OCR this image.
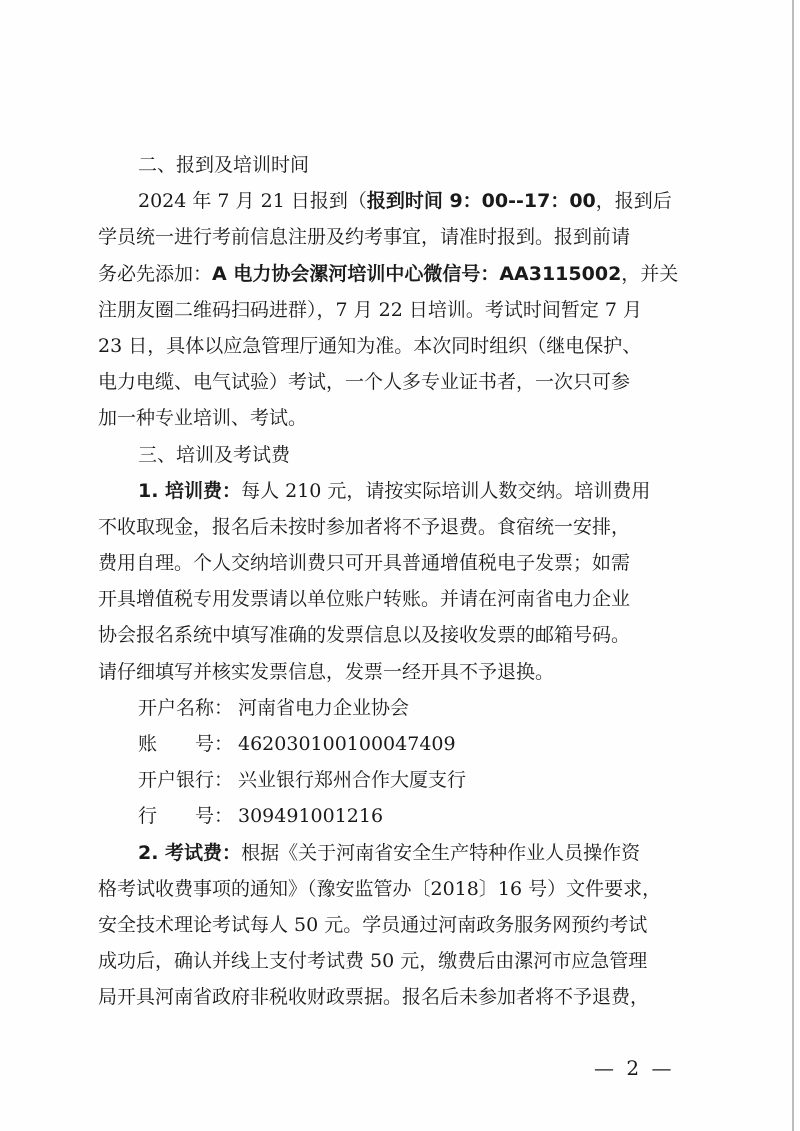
二、报到及培训时间
2024 年 7 月 21 日报到（报到时间 9：00--17：00，报到后
学员统一进行考前信息注册及约考事宜，请准时报到。报到前请
务必先添加：A 电力协会漯河培训中心微信号：AA3115002，并关
注朋友圈二维码扫码进群），7 月 22 日培训。考试时间暂定 7 月
23 日，具体以应急管理厅通知为准。本次同时组织（继电保护、
电力电缆、电气试验）考试，一个人多专业证书者，一次只可参
加一种专业培训、考试。
三、培训及考试费
1. 培训费：每人 210 元，请按实际培训人数交纳。培训费用
不收取现金，报名后未按时参加者将不予退费。食宿统一安排，
费用自理。个人交纳培训费只可开具普通增值税电子发票；如需
开具增值税专用发票请以单位账户转账。并请在河南省电力企业
协会报名系统中填写准确的发票信息以及接收发票的邮箱号码。
请仔细填写并核实发票信息，发票一经开具不予退换。
开户名称： 河南省电力企业协会
账　　号： 462030100100047409
开户银行： 兴业银行郑州合作大厦支行
行　　号： 309491001216
2. 考试费：根据《关于河南省安全生产特种作业人员操作资
格考试收费事项的通知》（豫安监管办〔2018〕16 号）文件要求，
安全技术理论考试每人 50 元。学员通过河南政务服务网预约考试
成功后，确认并线上支付考试费 50 元，缴费后由漯河市应急管理
局开具河南省政府非税收财政票据。报名后未参加者将不予退费，
— 2 —
